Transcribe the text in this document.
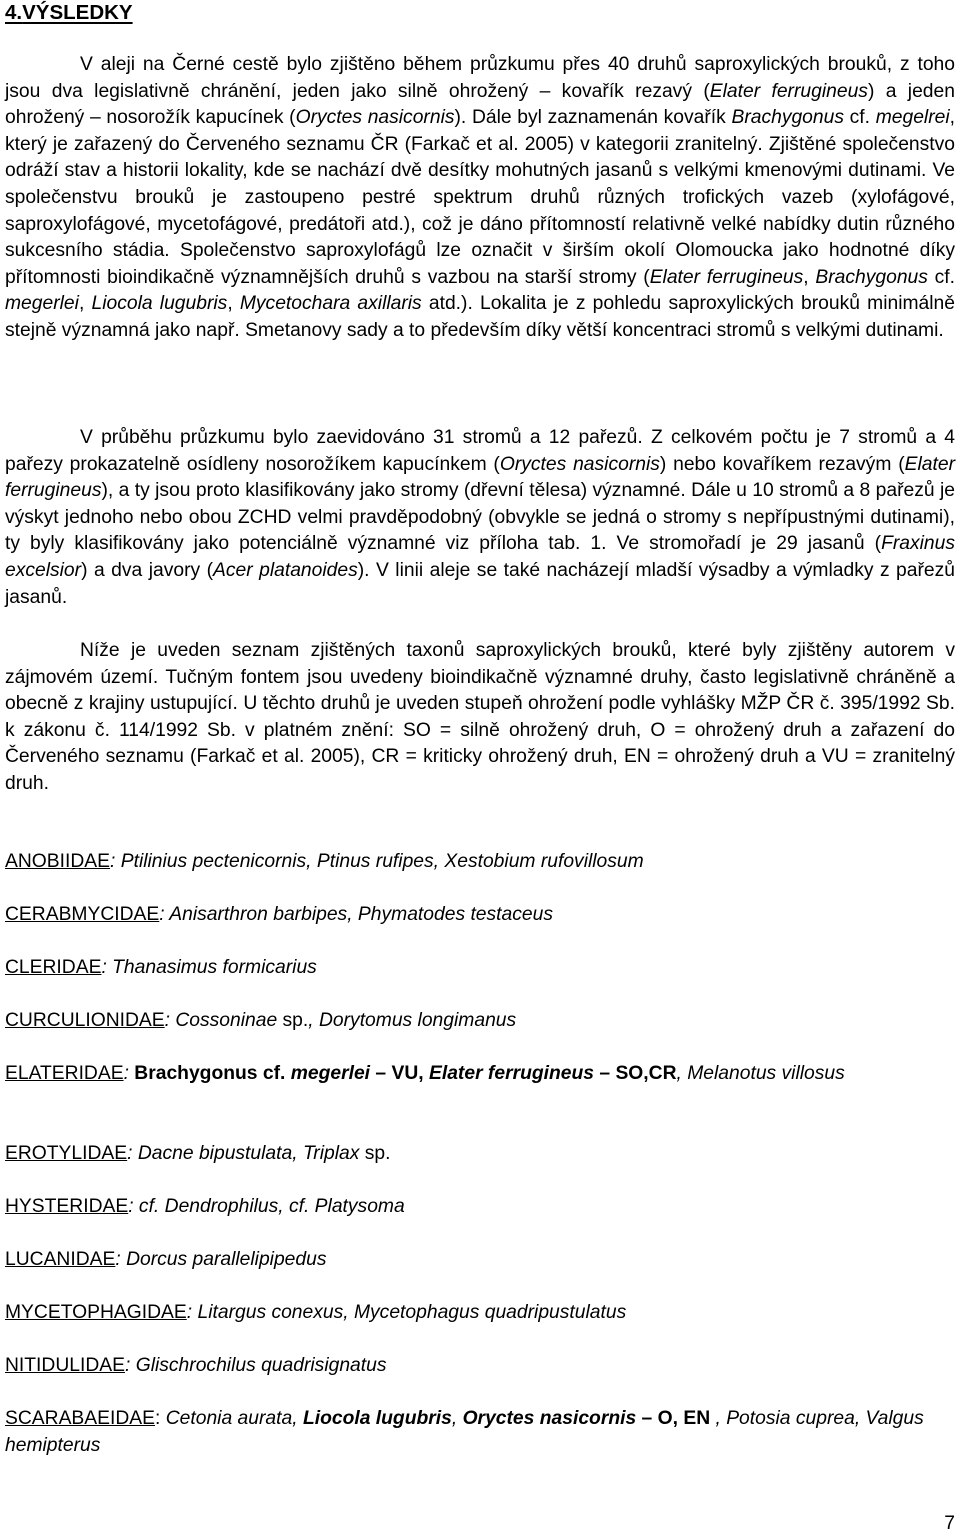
4.VÝSLEDKY

V aleji na Černé cestě bylo zjištěno během průzkumu přes 40 druhů saproxylických brouků, z toho jsou dva legislativně chránění, jeden jako silně ohrožený – kovařík rezavý (Elater ferrugineus) a jeden ohrožený – nosorožík kapucínek (Oryctes nasicornis). Dále byl zaznamenán kovařík Brachygonus cf. megelrei, který je zařazený do Červeného seznamu ČR (Farkač et al. 2005) v kategorii zranitelný. Zjištěné společenstvo odráží stav a historii lokality, kde se nachází dvě desítky mohutných jasanů s velkými kmenovými dutinami. Ve společenstvu brouků je zastoupeno pestré spektrum druhů různých trofických vazeb (xylofágové, saproxylofágové, mycetofágové, predátoři atd.), což je dáno přítomností relativně velké nabídky dutin různého sukcesního stádia. Společenstvo saproxylofágů lze označit v širším okolí Olomoucka jako hodnotné díky přítomnosti bioindikačně významnějších druhů s vazbou na starší stromy (Elater ferrugineus, Brachygonus cf. megerlei, Liocola lugubris, Mycetochara axillaris atd.). Lokalita je z pohledu saproxylických brouků minimálně stejně významná jako např. Smetanovy sady a to především díky větší koncentraci stromů s velkými dutinami.

V průběhu průzkumu bylo zaevidováno 31 stromů a 12 pařezů. Z celkovém počtu je 7 stromů a 4 pařezy prokazatelně osídleny nosorožíkem kapucínkem (Oryctes nasicornis) nebo kovaříkem rezavým (Elater ferrugineus), a ty jsou proto klasifikovány jako stromy (dřevní tělesa) významné. Dále u 10 stromů a 8 pařezů je výskyt jednoho nebo obou ZCHD velmi pravděpodobný (obvykle se jedná o stromy s nepřípustnými dutinami), ty byly klasifikovány jako potenciálně významné viz příloha tab. 1. Ve stromořadí je 29 jasanů (Fraxinus excelsior) a dva javory (Acer platanoides). V linii aleje se také nacházejí mladší výsadby a výmladky z pařezů jasanů.

Níže je uveden seznam zjištěných taxonů saproxylických brouků, které byly zjištěny autorem v zájmovém území. Tučným fontem jsou uvedeny bioindikačně významné druhy, často legislativně chráněně a obecně z krajiny ustupující. U těchto druhů je uveden stupeň ohrožení podle vyhlášky MŽP ČR č. 395/1992 Sb. k zákonu č. 114/1992 Sb. v platném znění: SO = silně ohrožený druh, O = ohrožený druh a zařazení do Červeného seznamu (Farkač et al. 2005), CR = kriticky ohrožený druh, EN = ohrožený druh a VU = zranitelný druh.

ANOBIIDAE: Ptilinius pectenicornis, Ptinus rufipes, Xestobium rufovillosum

CERABMYCIDAE: Anisarthron barbipes, Phymatodes testaceus

CLERIDAE: Thanasimus formicarius

CURCULIONIDAE: Cossoninae sp., Dorytomus longimanus

ELATERIDAE: Brachygonus cf. megerlei – VU, Elater ferrugineus – SO,CR, Melanotus villosus

EROTYLIDAE: Dacne bipustulata, Triplax sp.

HYSTERIDAE: cf. Dendrophilus, cf. Platysoma

LUCANIDAE: Dorcus parallelipipedus

MYCETOPHAGIDAE: Litargus conexus, Mycetophagus quadripustulatus

NITIDULIDAE: Glischrochilus quadrisignatus

SCARABAEIDAE: Cetonia aurata, Liocola lugubris, Oryctes nasicornis – O, EN , Potosia cuprea, Valgus hemipterus

7
